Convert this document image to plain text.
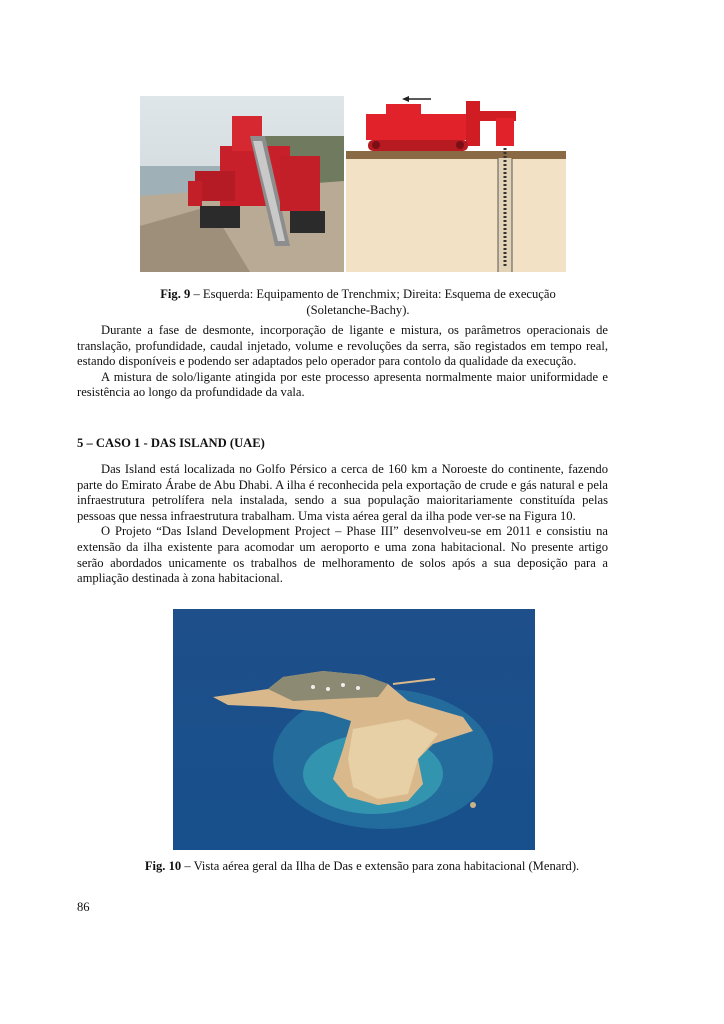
Fig. 9 – Esquerda: Equipamento de Trenchmix; Direita: Esquema de execução
(Soletanche-Bachy).

Durante a fase de desmonte, incorporação de ligante e mistura, os parâmetros operacionais de translação, profundidade, caudal injetado, volume e revoluções da serra, são registados em tempo real, estando disponíveis e podendo ser adaptados pelo operador para contolo da qualidade da execução.

A mistura de solo/ligante atingida por este processo apresenta normalmente maior uniformidade e resistência ao longo da profundidade da vala.

5 – CASO 1 - DAS ISLAND (UAE)

Das Island está localizada no Golfo Pérsico a cerca de 160 km a Noroeste do continente, fazendo parte do Emirato Árabe de Abu Dhabi. A ilha é reconhecida pela exportação de crude e gás natural e pela infraestrutura petrolífera nela instalada, sendo a sua população maioritariamente constituída pelas pessoas que nessa infraestrutura trabalham. Uma vista aérea geral da ilha pode ver-se na Figura 10.

O Projeto “Das Island Development Project – Phase III” desenvolveu-se em 2011 e consistiu na extensão da ilha existente para acomodar um aeroporto e uma zona habitacional. No presente artigo serão abordados unicamente os trabalhos de melhoramento de solos após a sua deposição para a ampliação destinada à zona habitacional.

Fig. 10 – Vista aérea geral da Ilha de Das e extensão para zona habitacional (Menard).
86
